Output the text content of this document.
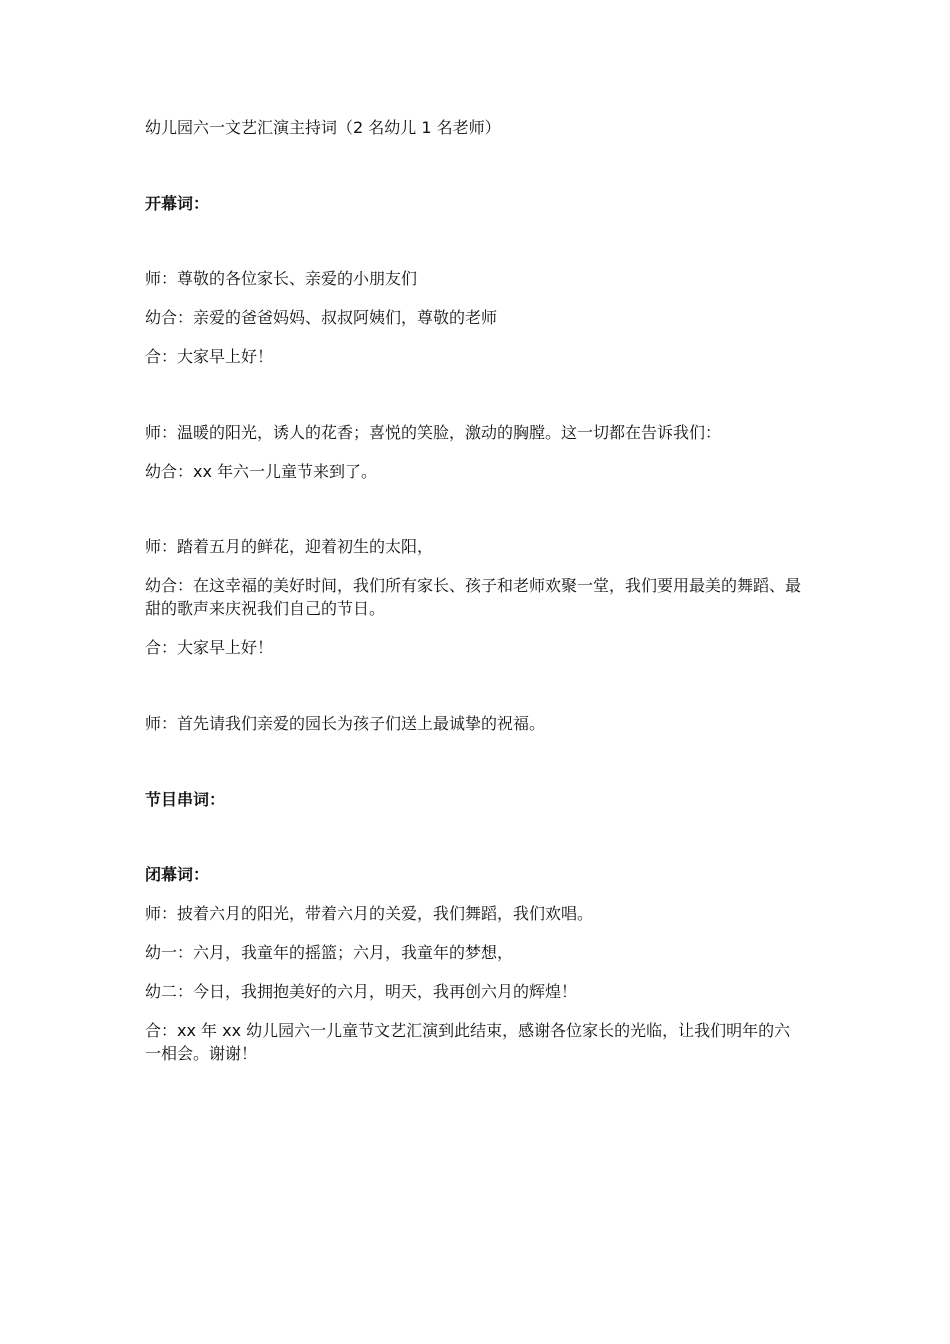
幼儿园六一文艺汇演主持词（2 名幼儿 1 名老师）
开幕词：
师：尊敬的各位家长、亲爱的小朋友们
幼合：亲爱的爸爸妈妈、叔叔阿姨们，尊敬的老师
合：大家早上好！
师：温暖的阳光，诱人的花香；喜悦的笑脸，激动的胸膛。这一切都在告诉我们：
幼合：xx 年六一儿童节来到了。
师：踏着五月的鲜花，迎着初生的太阳，
幼合：在这幸福的美好时间，我们所有家长、孩子和老师欢聚一堂，我们要用最美的舞蹈、最甜的歌声来庆祝我们自己的节日。
合：大家早上好！
师：首先请我们亲爱的园长为孩子们送上最诚挚的祝福。
节目串词：
闭幕词：
师：披着六月的阳光，带着六月的关爱，我们舞蹈，我们欢唱。
幼一：六月，我童年的摇篮；六月，我童年的梦想，
幼二：今日，我拥抱美好的六月，明天，我再创六月的辉煌！
合：xx 年 xx 幼儿园六一儿童节文艺汇演到此结束，感谢各位家长的光临，让我们明年的六一相会。谢谢！
